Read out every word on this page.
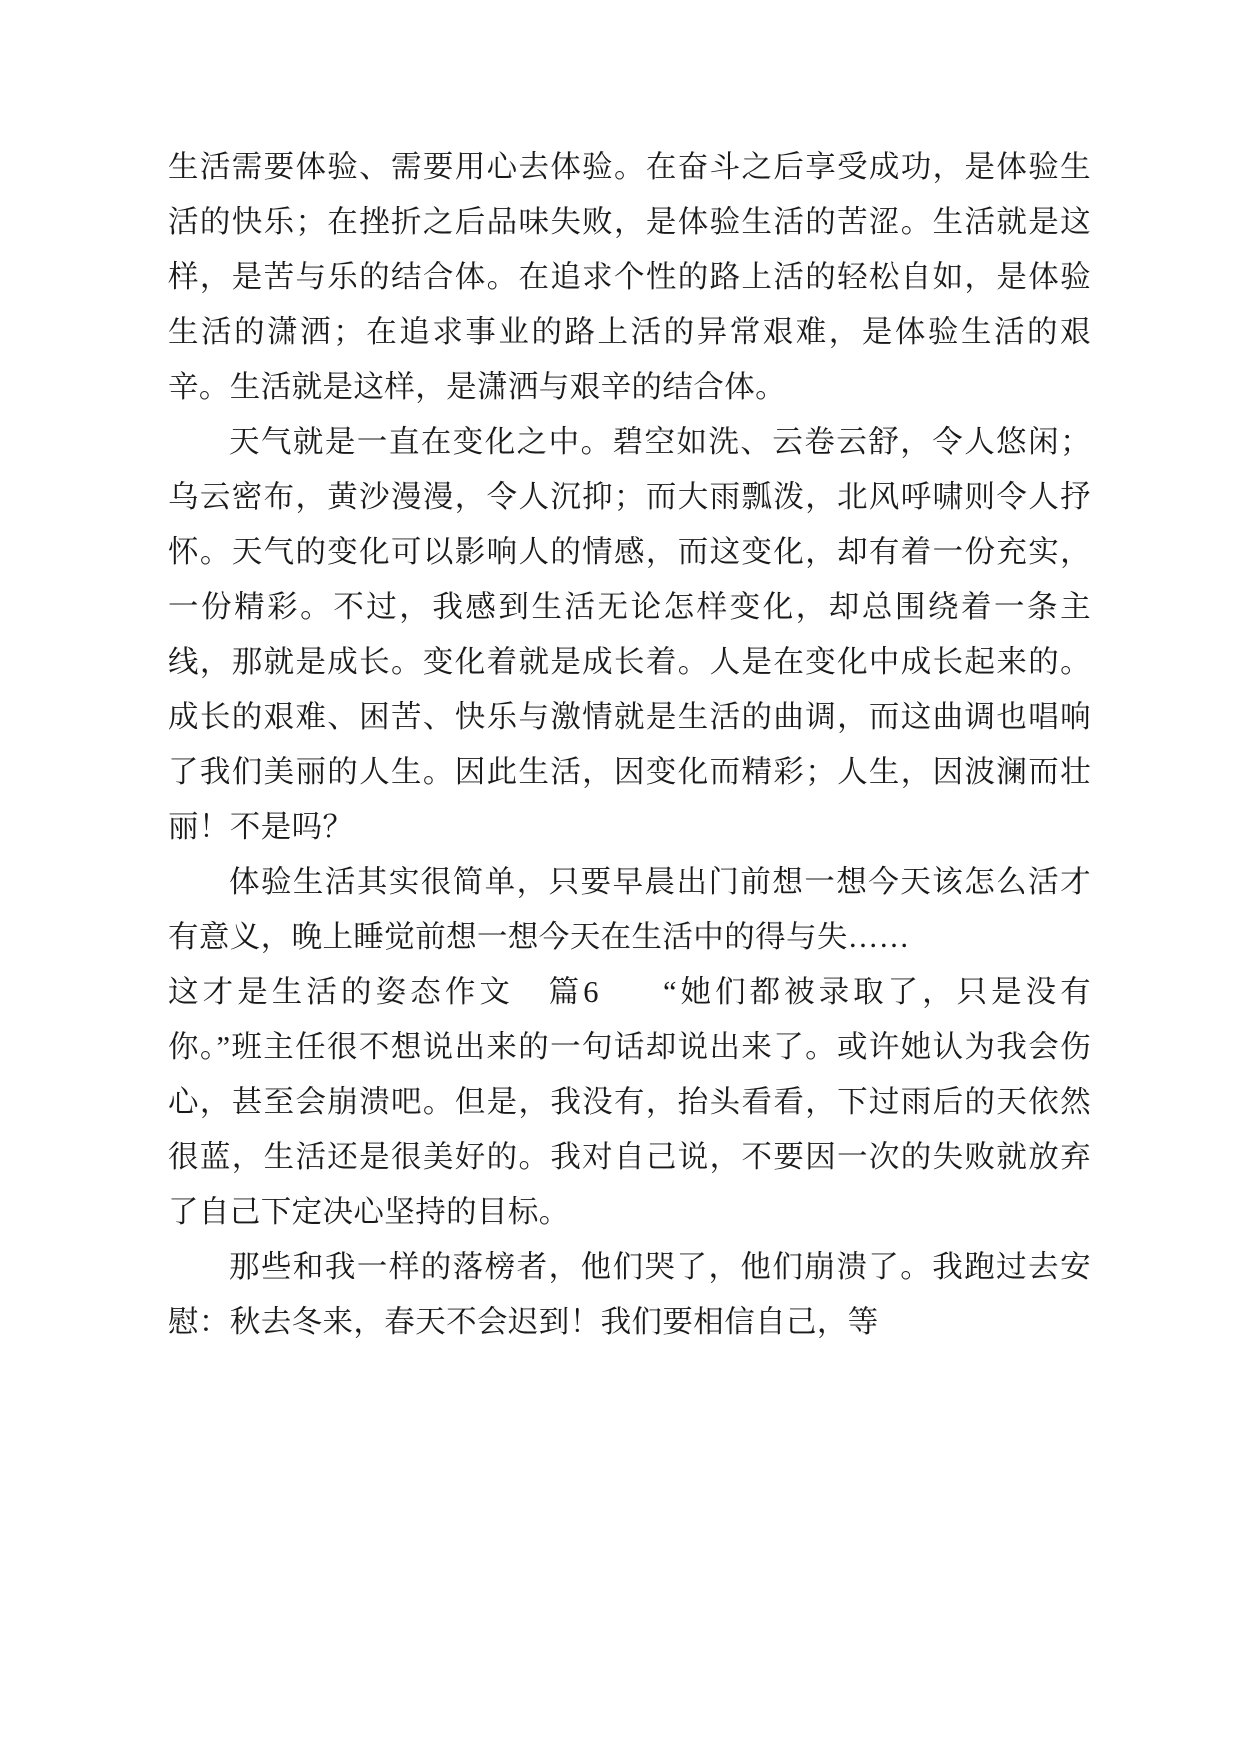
生活需要体验、需要用心去体验。在奋斗之后享受成功，是体验生活的快乐；在挫折之后品味失败，是体验生活的苦涩。生活就是这样，是苦与乐的结合体。在追求个性的路上活的轻松自如，是体验生活的潇洒；在追求事业的路上活的异常艰难，是体验生活的艰辛。生活就是这样，是潇洒与艰辛的结合体。

天气就是一直在变化之中。碧空如洗、云卷云舒，令人悠闲；乌云密布，黄沙漫漫，令人沉抑；而大雨瓢泼，北风呼啸则令人抒怀。天气的变化可以影响人的情感，而这变化，却有着一份充实，一份精彩。不过，我感到生活无论怎样变化，却总围绕着一条主线，那就是成长。变化着就是成长着。人是在变化中成长起来的。成长的艰难、困苦、快乐与激情就是生活的曲调，而这曲调也唱响了我们美丽的人生。因此生活，因变化而精彩；人生，因波澜而壮丽！不是吗？

体验生活其实很简单，只要早晨出门前想一想今天该怎么活才有意义，晚上睡觉前想一想今天在生活中的得与失……

这才是生活的姿态作文　篇6 “她们都被录取了，只是没有你。”班主任很不想说出来的一句话却说出来了。或许她认为我会伤心，甚至会崩溃吧。但是，我没有，抬头看看，下过雨后的天依然很蓝，生活还是很美好的。我对自己说，不要因一次的失败就放弃了自己下定决心坚持的目标。

那些和我一样的落榜者，他们哭了，他们崩溃了。我跑过去安慰：秋去冬来，春天不会迟到！我们要相信自己，等
